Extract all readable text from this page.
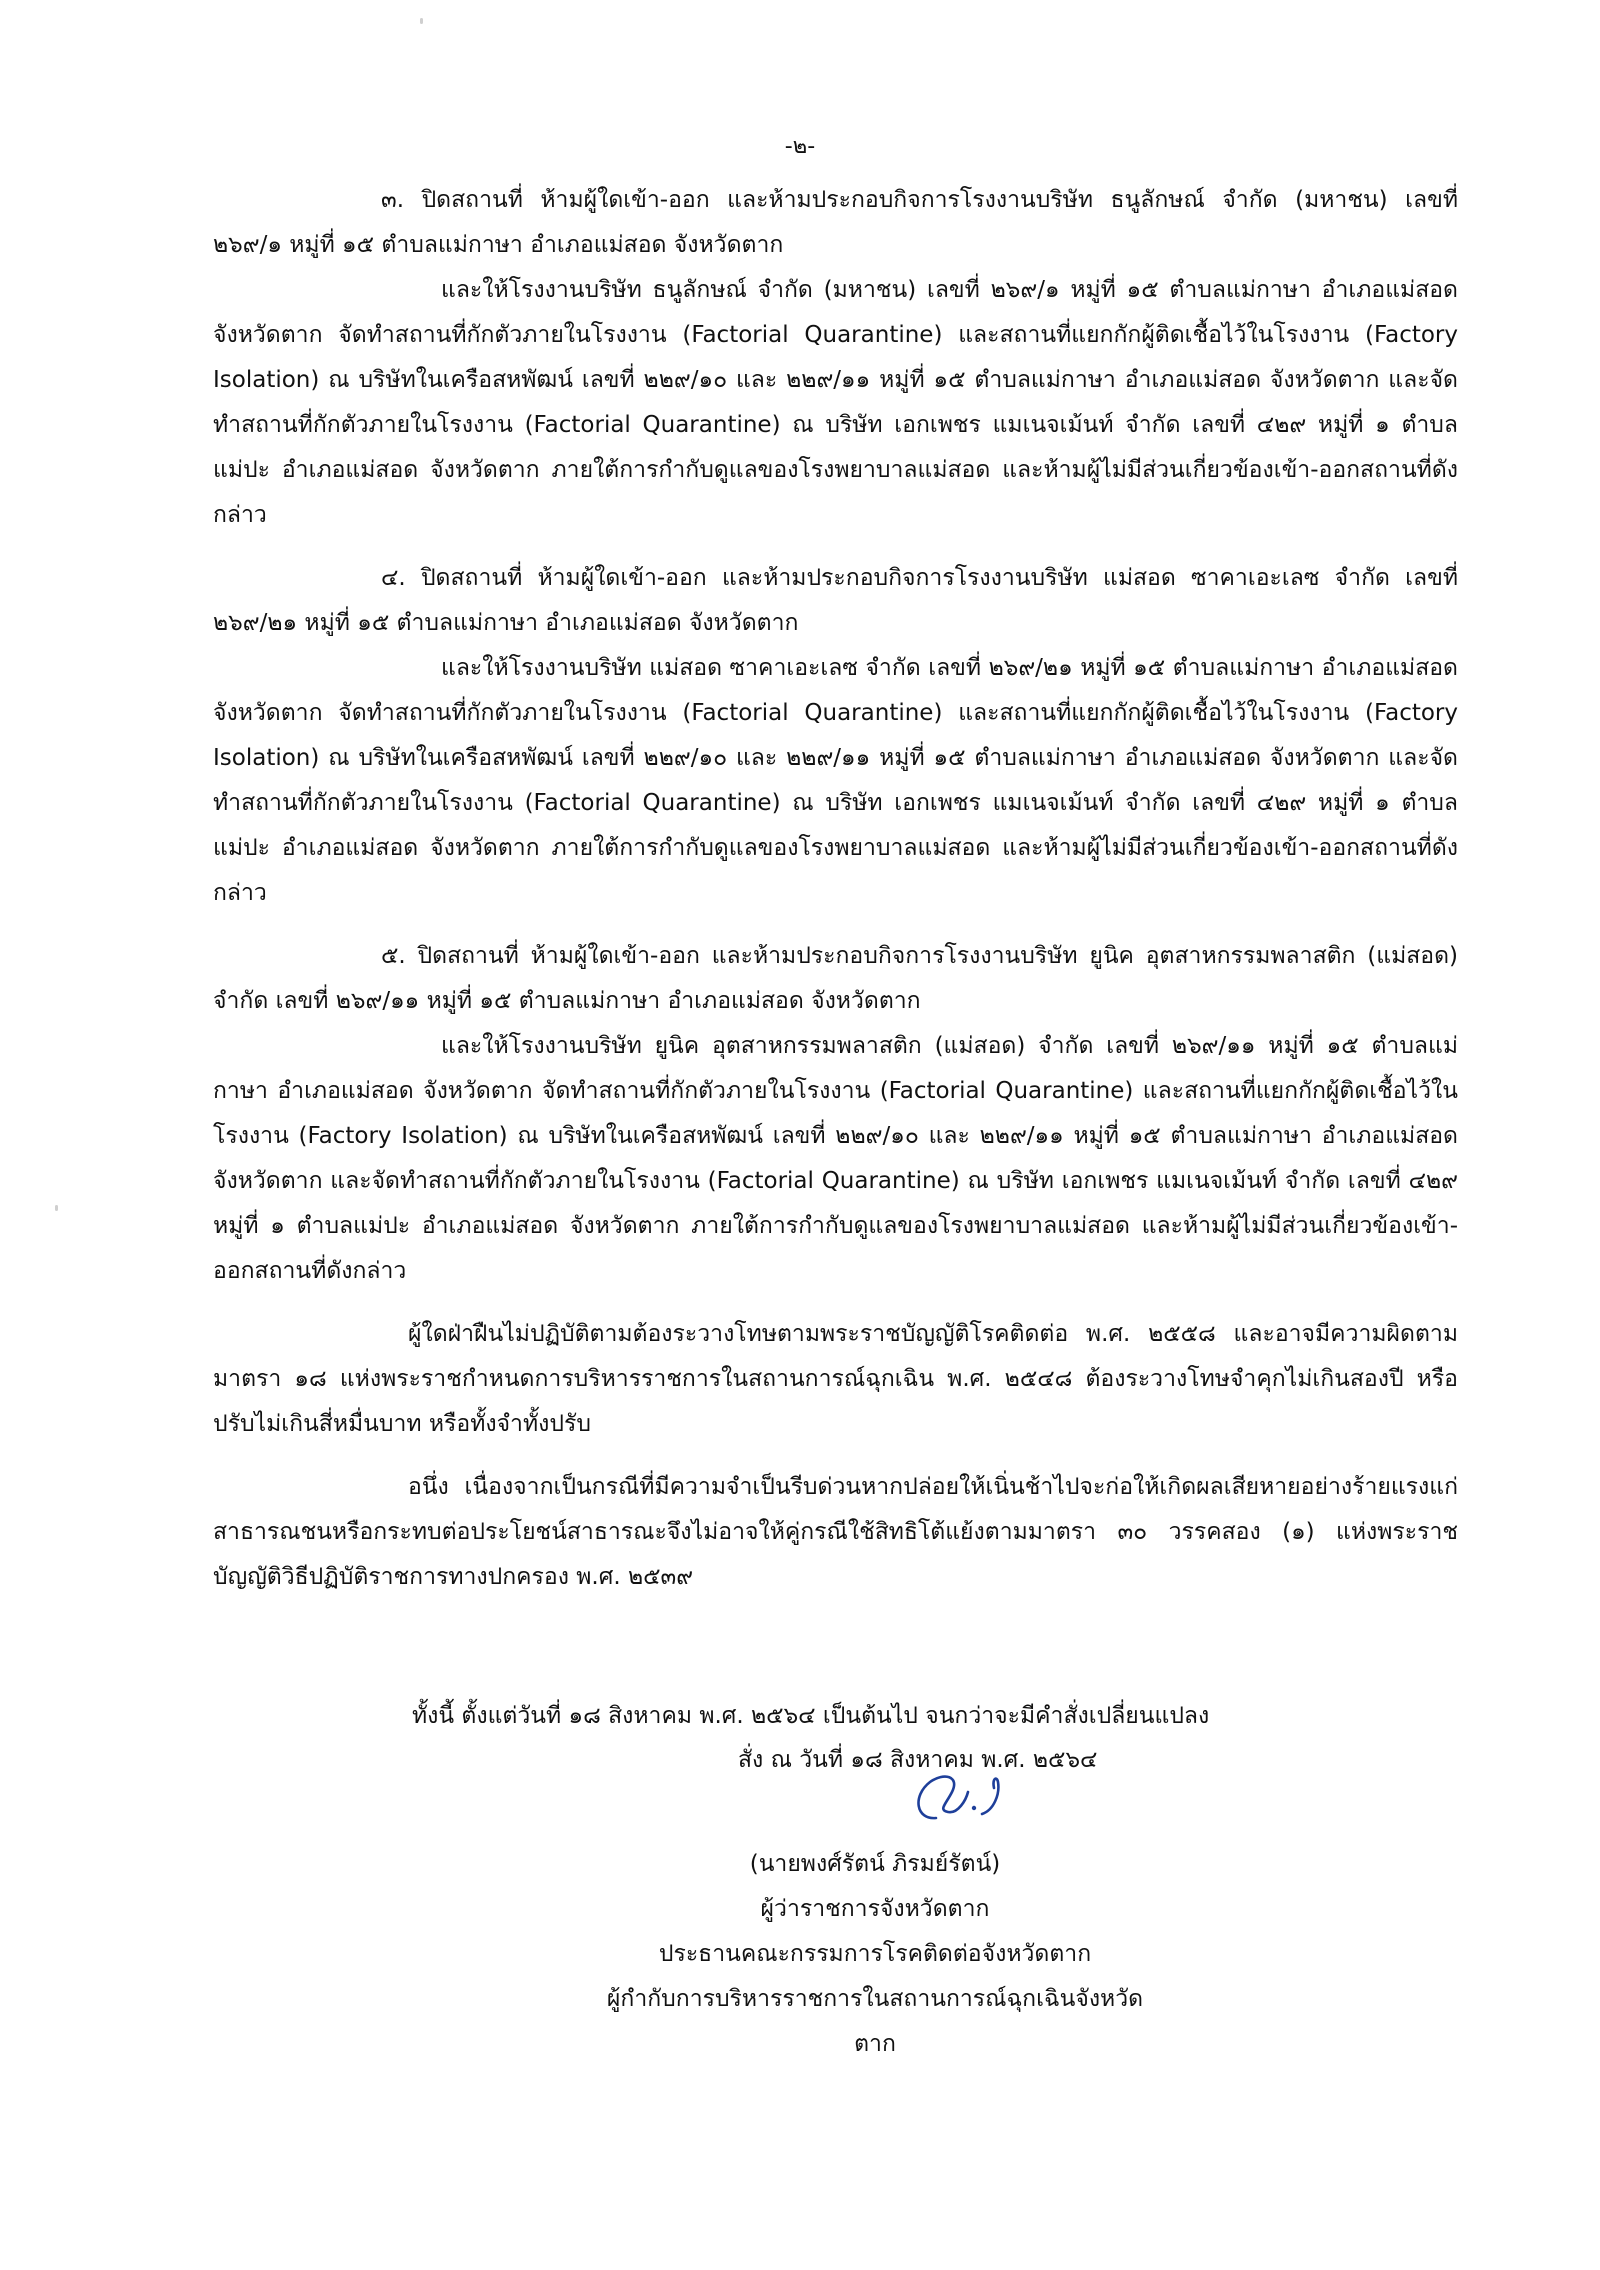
-๒-

๓. ปิดสถานที่ ห้ามผู้ใดเข้า-ออก และห้ามประกอบกิจการโรงงานบริษัท ธนูลักษณ์ จำกัด (มหาชน) เลขที่ ๒๖๙/๑ หมู่ที่ ๑๕ ตำบลแม่กาษา อำเภอแม่สอด จังหวัดตาก

และให้โรงงานบริษัท ธนูลักษณ์ จำกัด (มหาชน) เลขที่ ๒๖๙/๑ หมู่ที่ ๑๕ ตำบลแม่กาษา อำเภอแม่สอด จังหวัดตาก จัดทำสถานที่กักตัวภายในโรงงาน (Factorial Quarantine) และสถานที่แยกกักผู้ติดเชื้อไว้ในโรงงาน (Factory Isolation) ณ บริษัทในเครือสหพัฒน์ เลขที่ ๒๒๙/๑๐ และ ๒๒๙/๑๑ หมู่ที่ ๑๕ ตำบลแม่กาษา อำเภอแม่สอด จังหวัดตาก และจัดทำสถานที่กักตัวภายในโรงงาน (Factorial Quarantine) ณ บริษัท เอกเพชร แมเนจเม้นท์ จำกัด เลขที่ ๔๒๙ หมู่ที่ ๑ ตำบลแม่ปะ อำเภอแม่สอด จังหวัดตาก ภายใต้การกำกับดูแลของโรงพยาบาลแม่สอด และห้ามผู้ไม่มีส่วนเกี่ยวข้องเข้า-ออกสถานที่ดังกล่าว

๔. ปิดสถานที่ ห้ามผู้ใดเข้า-ออก และห้ามประกอบกิจการโรงงานบริษัท แม่สอด ซาคาเอะเลซ จำกัด เลขที่ ๒๖๙/๒๑ หมู่ที่ ๑๕ ตำบลแม่กาษา อำเภอแม่สอด จังหวัดตาก

และให้โรงงานบริษัท แม่สอด ซาคาเอะเลซ จำกัด เลขที่ ๒๖๙/๒๑ หมู่ที่ ๑๕ ตำบลแม่กาษา อำเภอแม่สอด จังหวัดตาก จัดทำสถานที่กักตัวภายในโรงงาน (Factorial Quarantine) และสถานที่แยกกักผู้ติดเชื้อไว้ในโรงงาน (Factory Isolation) ณ บริษัทในเครือสหพัฒน์ เลขที่ ๒๒๙/๑๐ และ ๒๒๙/๑๑ หมู่ที่ ๑๕ ตำบลแม่กาษา อำเภอแม่สอด จังหวัดตาก และจัดทำสถานที่กักตัวภายในโรงงาน (Factorial Quarantine) ณ บริษัท เอกเพชร แมเนจเม้นท์ จำกัด เลขที่ ๔๒๙ หมู่ที่ ๑ ตำบลแม่ปะ อำเภอแม่สอด จังหวัดตาก ภายใต้การกำกับดูแลของโรงพยาบาลแม่สอด และห้ามผู้ไม่มีส่วนเกี่ยวข้องเข้า-ออกสถานที่ดังกล่าว

๕. ปิดสถานที่ ห้ามผู้ใดเข้า-ออก และห้ามประกอบกิจการโรงงานบริษัท ยูนิค อุตสาหกรรมพลาสติก (แม่สอด) จำกัด เลขที่ ๒๖๙/๑๑ หมู่ที่ ๑๕ ตำบลแม่กาษา อำเภอแม่สอด จังหวัดตาก

และให้โรงงานบริษัท ยูนิค อุตสาหกรรมพลาสติก (แม่สอด) จำกัด เลขที่ ๒๖๙/๑๑ หมู่ที่ ๑๕ ตำบลแม่กาษา อำเภอแม่สอด จังหวัดตาก จัดทำสถานที่กักตัวภายในโรงงาน (Factorial Quarantine) และสถานที่แยกกักผู้ติดเชื้อไว้ในโรงงาน (Factory Isolation) ณ บริษัทในเครือสหพัฒน์ เลขที่ ๒๒๙/๑๐ และ ๒๒๙/๑๑ หมู่ที่ ๑๕ ตำบลแม่กาษา อำเภอแม่สอด จังหวัดตาก และจัดทำสถานที่กักตัวภายในโรงงาน (Factorial Quarantine) ณ บริษัท เอกเพชร แมเนจเม้นท์ จำกัด เลขที่ ๔๒๙ หมู่ที่ ๑ ตำบลแม่ปะ อำเภอแม่สอด จังหวัดตาก ภายใต้การกำกับดูแลของโรงพยาบาลแม่สอด และห้ามผู้ไม่มีส่วนเกี่ยวข้องเข้า-ออกสถานที่ดังกล่าว

ผู้ใดฝ่าฝืนไม่ปฏิบัติตามต้องระวางโทษตามพระราชบัญญัติโรคติดต่อ พ.ศ. ๒๕๕๘ และอาจมีความผิดตามมาตรา ๑๘ แห่งพระราชกำหนดการบริหารราชการในสถานการณ์ฉุกเฉิน พ.ศ. ๒๕๔๘ ต้องระวางโทษจำคุกไม่เกินสองปี หรือปรับไม่เกินสี่หมื่นบาท หรือทั้งจำทั้งปรับ

อนึ่ง เนื่องจากเป็นกรณีที่มีความจำเป็นรีบด่วนหากปล่อยให้เนิ่นช้าไปจะก่อให้เกิดผลเสียหายอย่างร้ายแรงแก่สาธารณชนหรือกระทบต่อประโยชน์สาธารณะจึงไม่อาจให้คู่กรณีใช้สิทธิโต้แย้งตามมาตรา ๓๐ วรรคสอง (๑) แห่งพระราชบัญญัติวิธีปฏิบัติราชการทางปกครอง พ.ศ. ๒๕๓๙

ทั้งนี้ ตั้งแต่วันที่ ๑๘ สิงหาคม พ.ศ. ๒๕๖๔ เป็นต้นไป จนกว่าจะมีคำสั่งเปลี่ยนแปลง
สั่ง ณ วันที่ ๑๘ สิงหาคม พ.ศ. ๒๕๖๔
(นายพงศ์รัตน์ ภิรมย์รัตน์)
ผู้ว่าราชการจังหวัดตาก
ประธานคณะกรรมการโรคติดต่อจังหวัดตาก
ผู้กำกับการบริหารราชการในสถานการณ์ฉุกเฉินจังหวัดตาก
